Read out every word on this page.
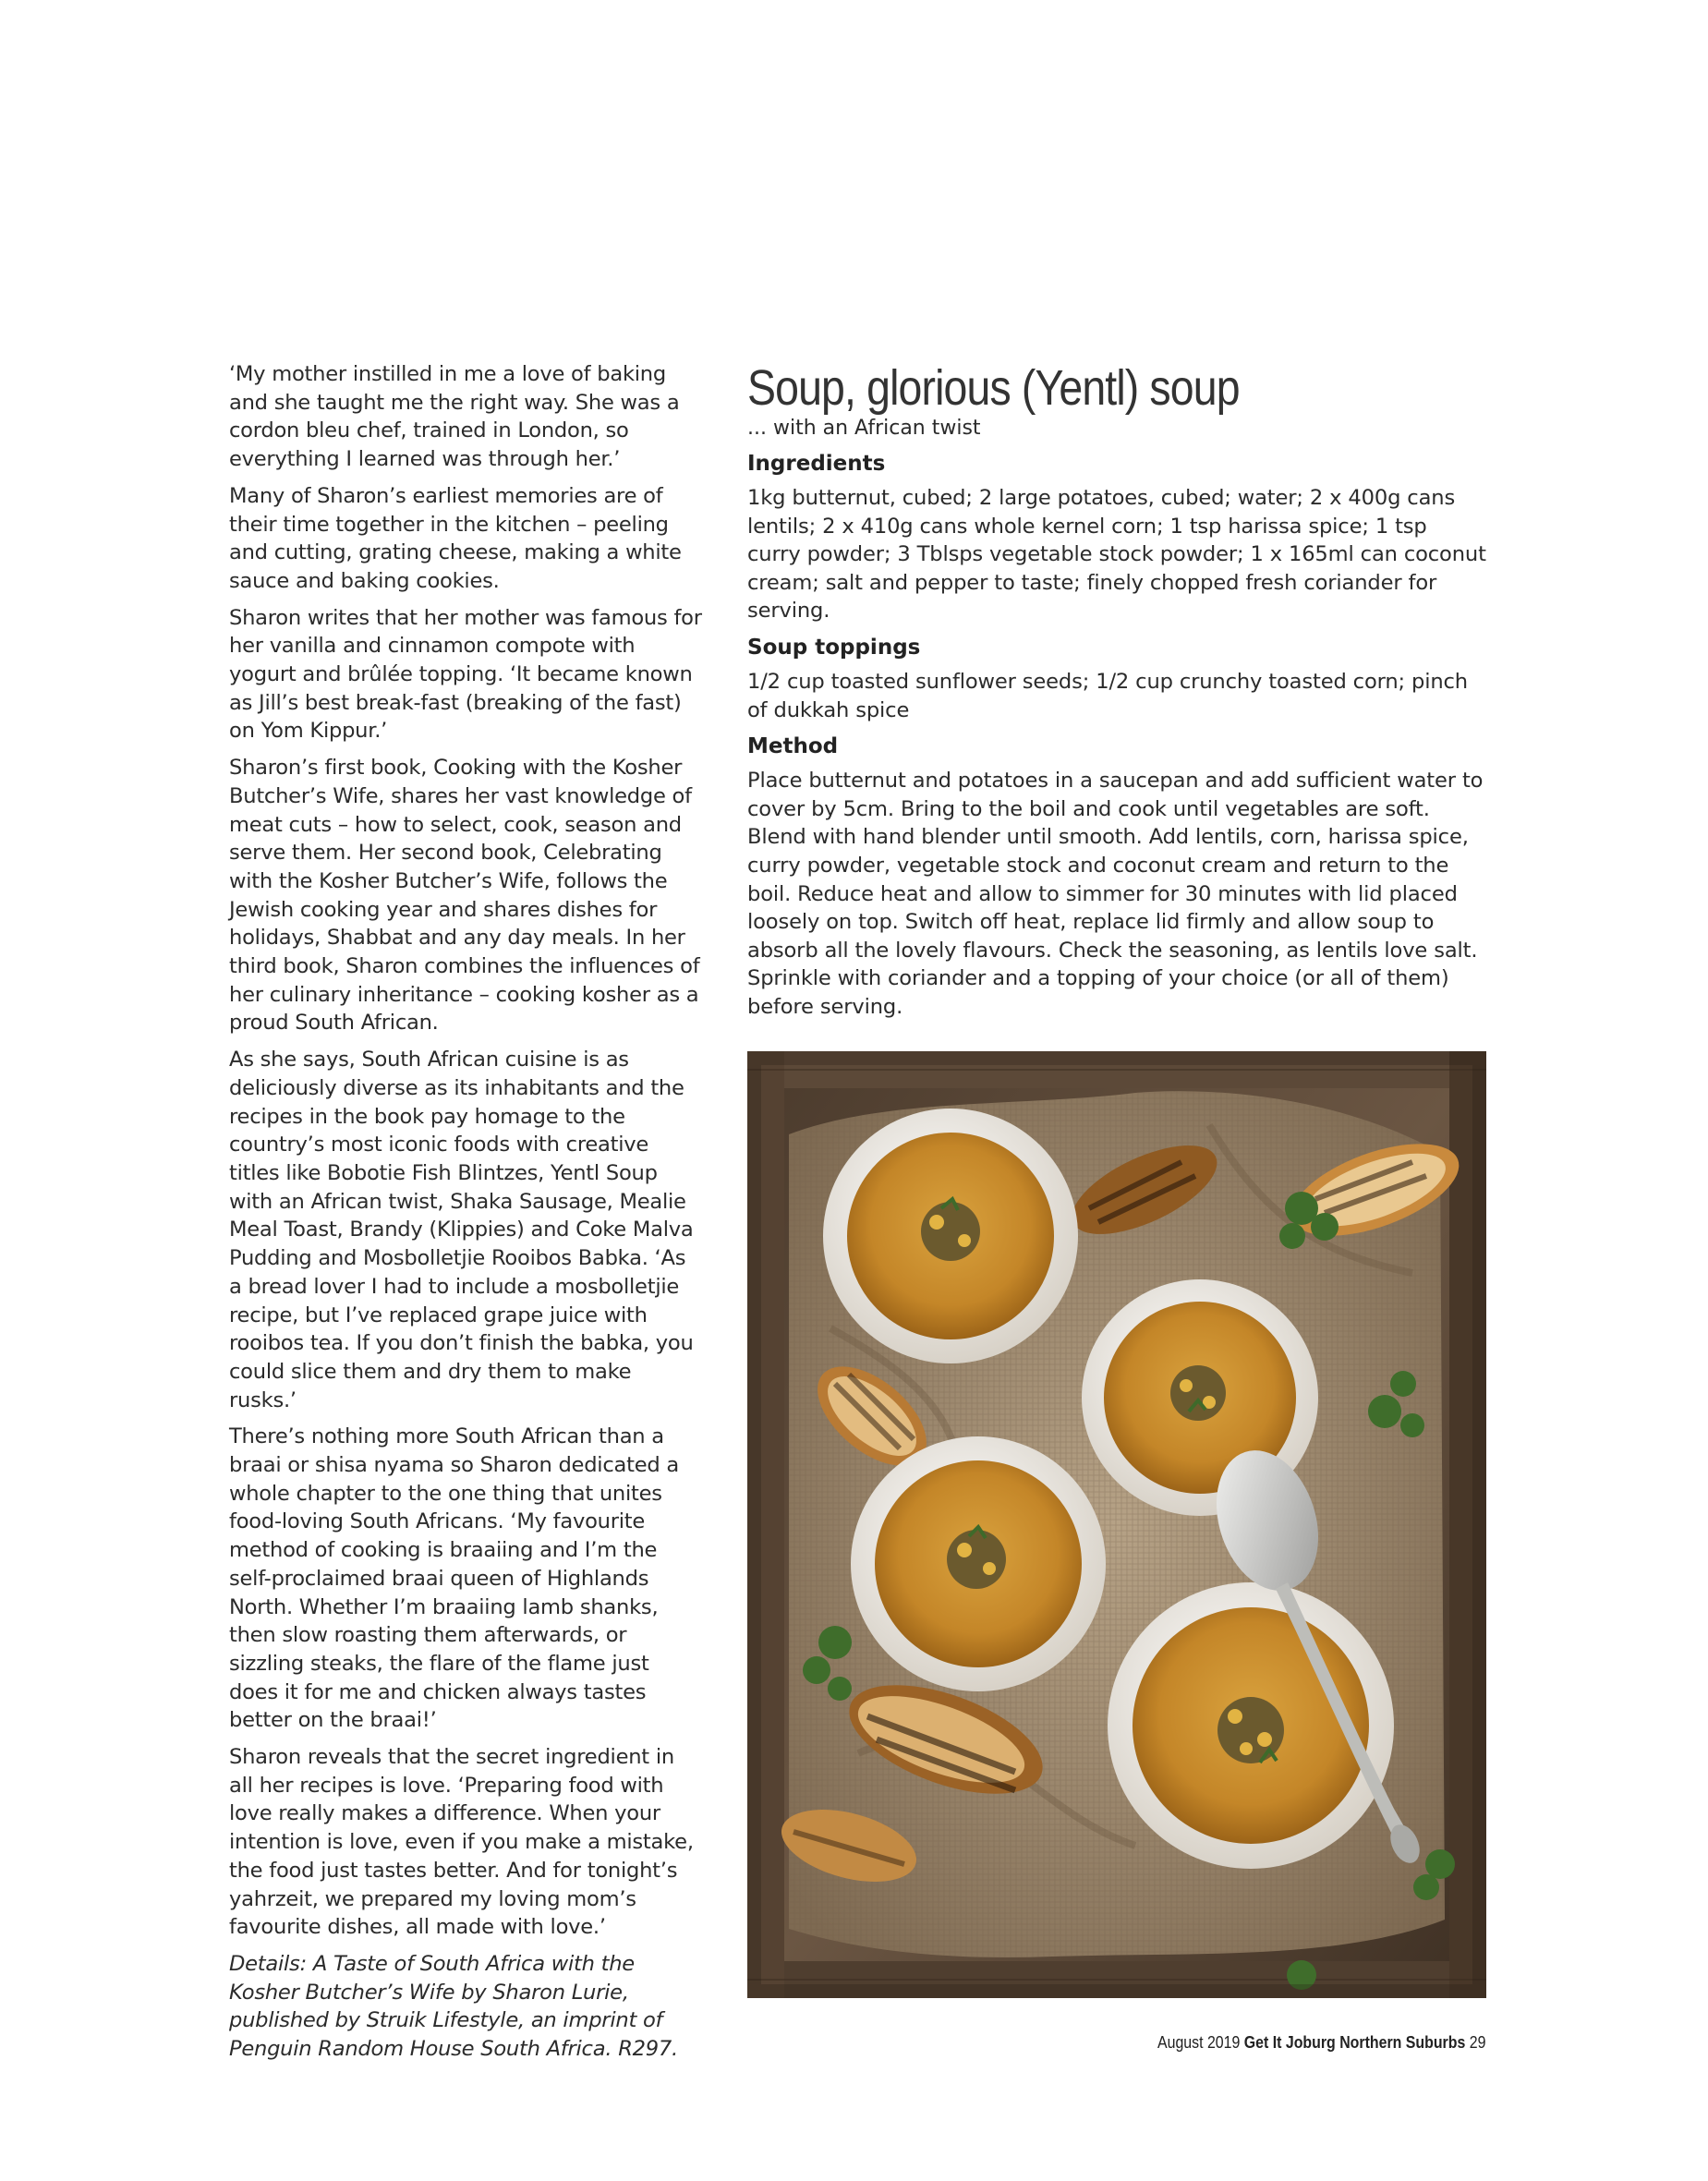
‘My mother instilled in me a love of baking and she taught me the right way. She was a cordon bleu chef, trained in London, so everything I learned was through her.’

Many of Sharon’s earliest memories are of their time together in the kitchen – peeling and cutting, grating cheese, making a white sauce and baking cookies.

Sharon writes that her mother was famous for her vanilla and cinnamon compote with yogurt and brûlée topping. ‘It became known as Jill’s best break-fast (breaking of the fast) on Yom Kippur.’

Sharon’s first book, Cooking with the Kosher Butcher’s Wife, shares her vast knowledge of meat cuts – how to select, cook, season and serve them. Her second book, Celebrating with the Kosher Butcher’s Wife, follows the Jewish cooking year and shares dishes for holidays, Shabbat and any day meals. In her third book, Sharon combines the influences of her culinary inheritance – cooking kosher as a proud South African.

As she says, South African cuisine is as deliciously diverse as its inhabitants and the recipes in the book pay homage to the country’s most iconic foods with creative titles like Bobotie Fish Blintzes, Yentl Soup with an African twist, Shaka Sausage, Mealie Meal Toast, Brandy (Klippies) and Coke Malva Pudding and Mosbolletjie Rooibos Babka. ‘As a bread lover I had to include a mosbolletjie recipe, but I’ve replaced grape juice with rooibos tea. If you don’t finish the babka, you could slice them and dry them to make rusks.’

There’s nothing more South African than a braai or shisa nyama so Sharon dedicated a whole chapter to the one thing that unites food-loving South Africans. ‘My favourite method of cooking is braaiing and I’m the self-proclaimed braai queen of Highlands North. Whether I’m braaiing lamb shanks, then slow roasting them afterwards, or sizzling steaks, the flare of the flame just does it for me and chicken always tastes better on the braai!’

Sharon reveals that the secret ingredient in all her recipes is love. ‘Preparing food with love really makes a difference. When your intention is love, even if you make a mistake, the food just tastes better. And for tonight’s yahrzeit, we prepared my loving mom’s favourite dishes, all made with love.’

Details: A Taste of South Africa with the Kosher Butcher’s Wife by Sharon Lurie, published by Struik Lifestyle, an imprint of Penguin Random House South Africa. R297.

Soup, glorious (Yentl) soup

... with an African twist

Ingredients

1kg butternut, cubed; 2 large potatoes, cubed; water; 2 x 400g cans lentils; 2 x 410g cans whole kernel corn; 1 tsp harissa spice; 1 tsp curry powder; 3 Tblsps vegetable stock powder; 1 x 165ml can coconut cream; salt and pepper to taste; finely chopped fresh coriander for serving.

Soup toppings

1/2 cup toasted sunflower seeds; 1/2 cup crunchy toasted corn; pinch of dukkah spice

Method

Place butternut and potatoes in a saucepan and add sufficient water to cover by 5cm. Bring to the boil and cook until vegetables are soft. Blend with hand blender until smooth. Add lentils, corn, harissa spice, curry powder, vegetable stock and coconut cream and return to the boil. Reduce heat and allow to simmer for 30 minutes with lid placed loosely on top. Switch off heat, replace lid firmly and allow soup to absorb all the lovely flavours. Check the seasoning, as lentils love salt. Sprinkle with coriander and a topping of your choice (or all of them) before serving.

August 2019 Get It Joburg Northern Suburbs 29
